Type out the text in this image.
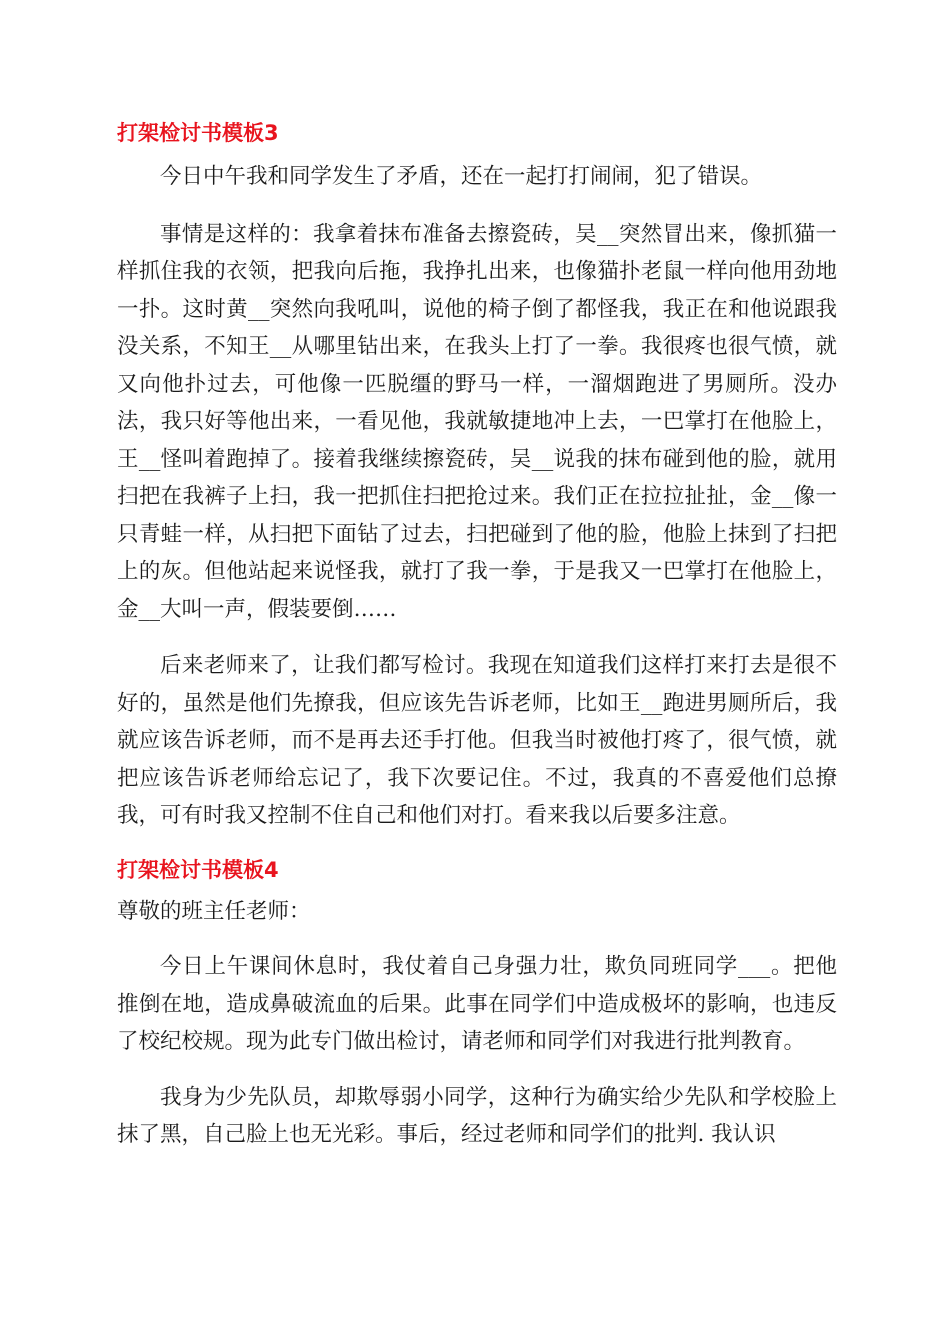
打架检讨书模板3

今日中午我和同学发生了矛盾，还在一起打打闹闹，犯了错误。

事情是这样的：我拿着抹布准备去擦瓷砖，吴__突然冒出来，像抓猫一样抓住我的衣领，把我向后拖，我挣扎出来，也像猫扑老鼠一样向他用劲地一扑。这时黄__突然向我吼叫，说他的椅子倒了都怪我，我正在和他说跟我没关系，不知王__从哪里钻出来，在我头上打了一拳。我很疼也很气愤，就又向他扑过去，可他像一匹脱缰的野马一样，一溜烟跑进了男厕所。没办法，我只好等他出来，一看见他，我就敏捷地冲上去，一巴掌打在他脸上，王__怪叫着跑掉了。接着我继续擦瓷砖，吴__说我的抹布碰到他的脸，就用扫把在我裤子上扫，我一把抓住扫把抢过来。我们正在拉拉扯扯，金__像一只青蛙一样，从扫把下面钻了过去，扫把碰到了他的脸，他脸上抹到了扫把上的灰。但他站起来说怪我，就打了我一拳，于是我又一巴掌打在他脸上，金__大叫一声，假装要倒……

后来老师来了，让我们都写检讨。我现在知道我们这样打来打去是很不好的，虽然是他们先撩我，但应该先告诉老师，比如王__跑进男厕所后，我就应该告诉老师，而不是再去还手打他。但我当时被他打疼了，很气愤，就把应该告诉老师给忘记了，我下次要记住。不过，我真的不喜爱他们总撩我，可有时我又控制不住自己和他们对打。看来我以后要多注意。

打架检讨书模板4

尊敬的班主任老师：

今日上午课间休息时，我仗着自己身强力壮，欺负同班同学___。把他推倒在地，造成鼻破流血的后果。此事在同学们中造成极坏的影响，也违反了校纪校规。现为此专门做出检讨，请老师和同学们对我进行批判教育。

我身为少先队员，却欺辱弱小同学，这种行为确实给少先队和学校脸上抹了黑，自己脸上也无光彩。事后，经过老师和同学们的批判. 我认识
